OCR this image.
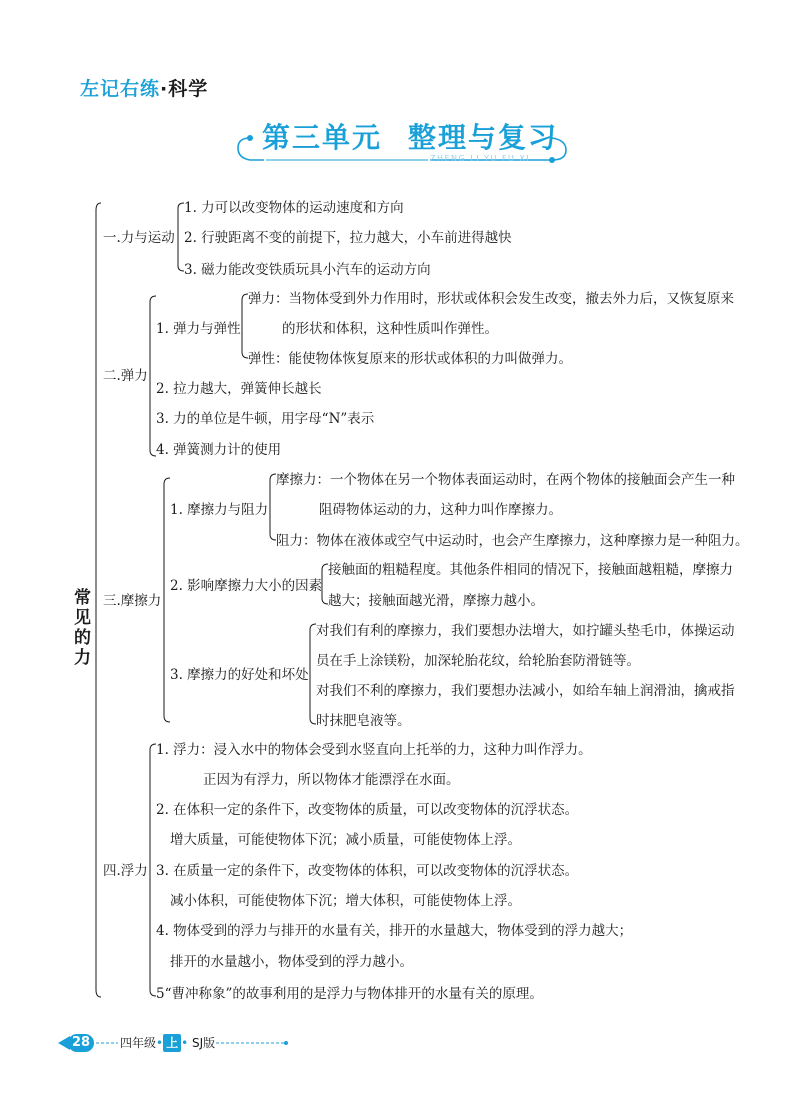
左记右练·科学
第三单元 整理与复习
ZHENG LI YU FU XI
常见的力
一.力与运动
1. 力可以改变物体的运动速度和方向
2. 行驶距离不变的前提下，拉力越大，小车前进得越快
3. 磁力能改变铁质玩具小汽车的运动方向
二.弹力
1. 弹力与弹性
弹力：当物体受到外力作用时，形状或体积会发生改变，撤去外力后，又恢复原来
的形状和体积，这种性质叫作弹性。
弹性：能使物体恢复原来的形状或体积的力叫做弹力。
2. 拉力越大，弹簧伸长越长
3. 力的单位是牛顿，用字母“N”表示
4. 弹簧测力计的使用
三.摩擦力
1. 摩擦力与阻力
摩擦力：一个物体在另一个物体表面运动时，在两个物体的接触面会产生一种
阻碍物体运动的力，这种力叫作摩擦力。
阻力：物体在液体或空气中运动时，也会产生摩擦力，这种摩擦力是一种阻力。
2. 影响摩擦力大小的因素
接触面的粗糙程度。其他条件相同的情况下，接触面越粗糙，摩擦力
越大；接触面越光滑，摩擦力越小。
3. 摩擦力的好处和坏处
对我们有利的摩擦力，我们要想办法增大，如拧罐头垫毛巾，体操运动
员在手上涂镁粉，加深轮胎花纹，给轮胎套防滑链等。
对我们不利的摩擦力，我们要想办法减小，如给车轴上润滑油，擒戒指
时抹肥皂液等。
四.浮力
1. 浮力：浸入水中的物体会受到水竖直向上托举的力，这种力叫作浮力。
正因为有浮力，所以物体才能漂浮在水面。
2. 在体积一定的条件下，改变物体的质量，可以改变物体的沉浮状态。
增大质量，可能使物体下沉；减小质量，可能使物体上浮。
3. 在质量一定的条件下，改变物体的体积，可以改变物体的沉浮状态。
减小体积，可能使物体下沉；增大体积，可能使物体上浮。
4. 物体受到的浮力与排开的水量有关，排开的水量越大，物体受到的浮力越大；
排开的水量越小，物体受到的浮力越小。
5“曹冲称象”的故事利用的是浮力与物体排开的水量有关的原理。
28	四年级• 上 • SJ版
